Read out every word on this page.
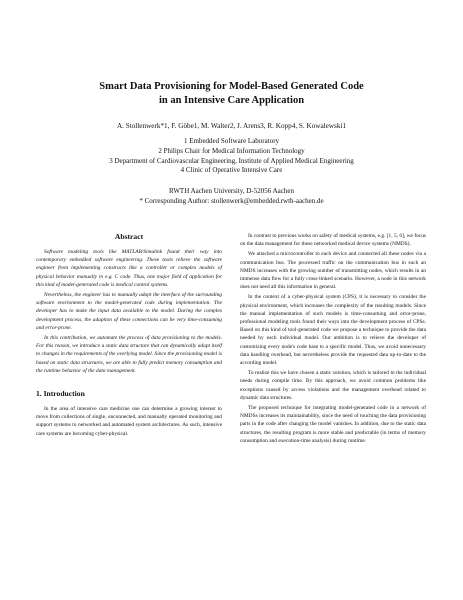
Smart Data Provisioning for Model-Based Generated Code
in an Intensive Care Application
A. Stollenwerk*1, F. Göbe1, M. Walter2, J. Arens3, R. Kopp4, S. Kowalewski1
1 Embedded Software Laboratory
2 Philips Chair for Medical Information Technology
3 Department of Cardiovascular Engineering, Institute of Applied Medical Engineering
4 Clinic of Operative Intensive Care
RWTH Aachen University, D-52056 Aachen
* Corresponding Author: stollenwerk@embedded.rwth-aachen.de
Abstract

Software modeling tools like MATLAB/Simulink found their way into contemporary embedded software engineering. These tools relieve the software engineer from implementing constructs like a controller or complex models of physical behavior manually in e.g. C code. Thus, one major field of application for this kind of model-generated code is medical control systems.

Nevertheless, the engineer has to manually adapt the interface of the surrounding software environment to the model-generated code during implementation. The developer has to make the input data available to the model. During the complex development process, the adaption of these connections can be very time-consuming and error-prone.

In this contribution, we automate the process of data provisioning to the models. For this reason, we introduce a static data structure that can dynamically adapt itself to changes in the requirements of the overlying model. Since the provisioning model is based on static data structures, we are able to fully predict memory consumption and the runtime behavior of the data management.

1. Introduction

In the area of intensive care medicine one can determine a growing interest to move from collections of single, unconnected, and manually operated monitoring and support systems to networked and automated system architectures. As such, intensive care systems are becoming cyber-physical.

In contrast to previous works on safety of medical systems, e.g. [1, 5, 6], we focus on the data management for these networked medical device systems (NMDS).

We attached a microcontroller to each device and connected all these nodes via a communication bus. The processed traffic on the communication bus in such an NMDS increases with the growing number of transmitting nodes, which results in an immense data flow for a fully cross-linked scenario. However, a node in this network does not need all this information in general.

In the context of a cyber-physical system (CPS), it is necessary to consider the physical environment, which increases the complexity of the resulting models. Since the manual implementation of such models is time-consuming and error-prone, professional modeling tools found their ways into the development process of CPSs. Based on this kind of tool-generated code we propose a technique to provide the data needed by each individual model. Our ambition is to relieve the developer of customizing every node's code base to a specific model. Thus, we avoid unnecessary data handling overhead, but nevertheless provide the requested data up-to-date to the according model.

To realize this we have chosen a static solution, which is tailored to the individual needs during compile time. By this approach, we avoid common problems like exceptions caused by access violations and the management overhead related to dynamic data structures.

The proposed technique for integrating model-generated code in a network of NMDSs increases its maintainability, since the need of touching the data provisioning parts in the code after changing the model vanishes. In addition, due to the static data structures, the resulting program is more stable and predictable (in terms of memory consumption and execution-time analysis) during runtime.
